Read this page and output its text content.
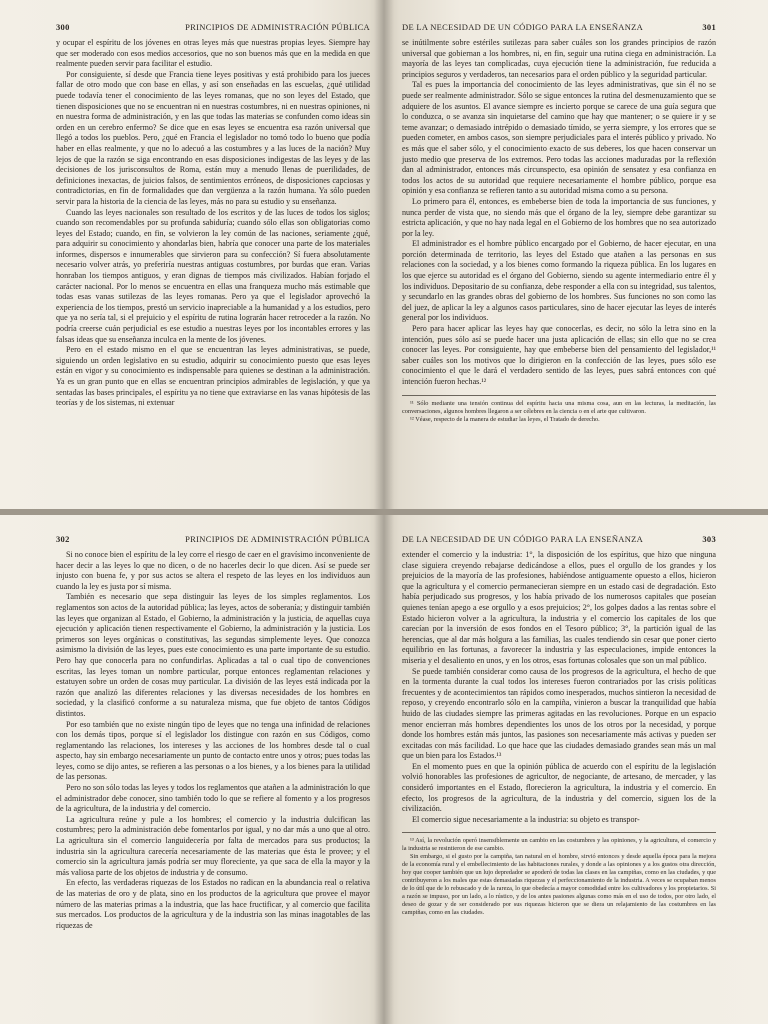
300	PRINCIPIOS DE ADMINISTRACIÓN PÚBLICA

y ocupar el espíritu de los jóvenes en otras leyes más que nuestras propias leyes. Siempre hay que ser moderado con esos medios accesorios, que no son buenos más que en la medida en que realmente pueden servir para facilitar el estudio.

Por consiguiente, sí desde que Francia tiene leyes positivas y está prohibido para los jueces fallar de otro modo que con base en ellas, y así son enseñadas en las escuelas, ¿qué utilidad puede todavía tener el conocimiento de las leyes romanas, que no son leyes del Estado, que tienen disposiciones que no se encuentran ni en nuestras costumbres, ni en nuestras opiniones, ni en nuestra forma de administración, y en las que todas las materias se confunden como ideas sin orden en un cerebro enfermo? Se dice que en esas leyes se encuentra esa razón universal que llegó a todos los pueblos. Pero, ¿qué en Francia el legislador no tomó todo lo bueno que podía haber en ellas realmente, y que no lo adecuó a las costumbres y a las luces de la nación? Muy lejos de que la razón se siga encontrando en esas disposiciones indigestas de las leyes y de las decisiones de los jurisconsultos de Roma, están muy a menudo llenas de puerilidades, de definiciones inexactas, de juicios falsos, de sentimientos erróneos, de disposiciones capciosas y contradictorias, en fin de formalidades que dan vergüenza a la razón humana. Ya sólo pueden servir para la historia de la ciencia de las leyes, más no para su estudio y su enseñanza.

Cuando las leyes nacionales son resultado de los escritos y de las luces de todos los siglos; cuando son recomendables por su profunda sabiduría; cuando sólo ellas son obligatorias como leyes del Estado; cuando, en fin, se volvieron la ley común de las naciones, seriamente ¿qué, para adquirir su conocimiento y ahondarlas bien, habría que conocer una parte de los materiales informes, dispersos e innumerables que sirvieron para su confección? Sí fuera absolutamente necesario volver atrás, yo preferiría nuestras antiguas costumbres, por burdas que eran. Varias honraban los tiempos antiguos, y eran dignas de tiempos más civilizados. Habían forjado el carácter nacional. Por lo menos se encuentra en ellas una franqueza mucho más estimable que todas esas vanas sutilezas de las leyes romanas. Pero ya que el legislador aprovechó la experiencia de los tiempos, prestó un servicio inapreciable a la humanidad y a los estudios, pero que ya no sería tal, si el prejuicio y el espíritu de rutina lograrán hacer retroceder a la razón. No podría creerse cuán perjudicial es ese estudio a nuestras leyes por los incontables errores y las falsas ideas que su enseñanza inculca en la mente de los jóvenes.

Pero en el estado mismo en el que se encuentran las leyes administrativas, se puede, siguiendo un orden legislativo en su estudio, adquirir su conocimiento puesto que esas leyes están en vigor y su conocimiento es indispensable para quienes se destinan a la administración. Ya es un gran punto que en ellas se encuentran principios admirables de legislación, y que ya sentadas las bases principales, el espíritu ya no tiene que extraviarse en las vanas hipótesis de las teorías y de los sistemas, ni extenuar

DE LA NECESIDAD DE UN CÓDIGO PARA LA ENSEÑANZA	301

se inútilmente sobre estériles sutilezas para saber cuáles son los grandes principios de razón universal que gobiernan a los hombres, ni, en fin, seguir una rutina ciega en administración. La mayoría de las leyes tan complicadas, cuya ejecución tiene la administración, fue reducida a principios seguros y verdaderos, tan necesarios para el orden público y la seguridad particular.

Tal es pues la importancia del conocimiento de las leyes administrativas, que sin él no se puede ser realmente administrador. Sólo se sigue entonces la rutina del desmenuzamiento que se adquiere de los asuntos. El avance siempre es incierto porque se carece de una guía segura que lo conduzca, o se avanza sin inquietarse del camino que hay que mantener; o se quiere ir y se teme avanzar; o demasiado intrépido o demasiado tímido, se yerra siempre, y los errores que se pueden cometer, en ambos casos, son siempre perjudiciales para el interés público y privado. No es más que el saber sólo, y el conocimiento exacto de sus deberes, los que hacen conservar un justo medio que preserva de los extremos. Pero todas las acciones maduradas por la reflexión dan al administrador, entonces más circunspecto, esa opinión de sensatez y esa confianza en todos los actos de su autoridad que requiere necesariamente el hombre público, porque esa opinión y esa confianza se refieren tanto a su autoridad misma como a su persona.

Lo primero para él, entonces, es embeberse bien de toda la importancia de sus funciones, y nunca perder de vista que, no siendo más que el órgano de la ley, siempre debe garantizar su estricta aplicación, y que no hay nada legal en el Gobierno de los hombres que no sea autorizado por la ley.

El administrador es el hombre público encargado por el Gobierno, de hacer ejecutar, en una porción determinada de territorio, las leyes del Estado que atañen a las personas en sus relaciones con la sociedad, y a los bienes como formando la riqueza pública. En los lugares en los que ejerce su autoridad es el órgano del Gobierno, siendo su agente intermediario entre él y los individuos. Depositario de su confianza, debe responder a ella con su integridad, sus talentos, y secundarlo en las grandes obras del gobierno de los hombres. Sus funciones no son como las del juez, de aplicar la ley a algunos casos particulares, sino de hacer ejecutar las leyes de interés general por los individuos.

Pero para hacer aplicar las leyes hay que conocerlas, es decir, no sólo la letra sino en la intención, pues sólo así se puede hacer una justa aplicación de ellas; sin ello que no se crea conocer las leyes. Por consiguiente, hay que embeberse bien del pensamiento del legislador,¹¹ saber cuáles son los motivos que lo dirigieron en la confección de las leyes, pues sólo ese conocimiento el que le dará el verdadero sentido de las leyes, pues sabrá entonces con qué intención fueron hechas.¹²

¹¹ Sólo mediante una tensión continua del espíritu hacia una misma cosa, aun en las lecturas, la meditación, las conversaciones, algunos hombres llegaron a ser célebres en la ciencia o en el arte que cultivaron.

¹² Véase, respecto de la manera de estudiar las leyes, el Tratado de derecho.

302	PRINCIPIOS DE ADMINISTRACIÓN PÚBLICA

Si no conoce bien el espíritu de la ley corre el riesgo de caer en el gravísimo inconveniente de hacer decir a las leyes lo que no dicen, o de no hacerles decir lo que dicen. Así se puede ser injusto con buena fe, y por sus actos se altera el respeto de las leyes en los individuos aun cuando la ley es justa por sí misma.

También es necesario que sepa distinguir las leyes de los simples reglamentos. Los reglamentos son actos de la autoridad pública; las leyes, actos de soberanía; y distinguir también las leyes que organizan al Estado, el Gobierno, la administración y la justicia, de aquellas cuya ejecución y aplicación tienen respectivamente el Gobierno, la administración y la justicia. Los primeros son leyes orgánicas o constitutivas, las segundas simplemente leyes. Que conozca asimismo la división de las leyes, pues este conocimiento es una parte importante de su estudio. Pero hay que conocerla para no confundirlas. Aplicadas a tal o cual tipo de convenciones escritas, las leyes toman un nombre particular, porque entonces reglamentan relaciones y estatuyen sobre un orden de cosas muy particular. La división de las leyes está indicada por la razón que analizó las diferentes relaciones y las diversas necesidades de los hombres en sociedad, y la clasificó conforme a su naturaleza misma, que fue objeto de tantos Códigos distintos.

Por eso también que no existe ningún tipo de leyes que no tenga una infinidad de relaciones con los demás tipos, porque sí el legislador los distingue con razón en sus Códigos, como reglamentando las relaciones, los intereses y las acciones de los hombres desde tal o cual aspecto, hay sin embargo necesariamente un punto de contacto entre unos y otros; pues todas las leyes, como se dijo antes, se refieren a las personas o a los bienes, y a los bienes para la utilidad de las personas.

Pero no son sólo todas las leyes y todos los reglamentos que atañen a la administración lo que el administrador debe conocer, sino también todo lo que se refiere al fomento y a los progresos de la agricultura, de la industria y del comercio.

La agricultura reúne y pule a los hombres; el comercio y la industria dulcifican las costumbres; pero la administración debe fomentarlos por igual, y no dar más a uno que al otro. La agricultura sin el comercio languidecería por falta de mercados para sus productos; la industria sin la agricultura carecería necesariamente de las materias que ésta le provee; y el comercio sin la agricultura jamás podría ser muy floreciente, ya que saca de ella la mayor y la más valiosa parte de los objetos de industria y de consumo.

En efecto, las verdaderas riquezas de los Estados no radican en la abundancia real o relativa de las materias de oro y de plata, sino en los productos de la agricultura que provee el mayor número de las materias primas a la industria, que las hace fructificar, y al comercio que facilita sus mercados. Los productos de la agricultura y de la industria son las minas inagotables de las riquezas de

DE LA NECESIDAD DE UN CÓDIGO PARA LA ENSEÑANZA	303

extender el comercio y la industria: 1°, la disposición de los espíritus, que hizo que ninguna clase siguiera creyendo rebajarse dedicándose a ellos, pues el orgullo de los grandes y los prejuicios de la mayoría de las profesiones, habiéndose antiguamente opuesto a ellos, hicieron que la agricultura y el comercio permanecieran siempre en un estado casi de degradación. Esto había perjudicado sus progresos, y los había privado de los numerosos capitales que poseían quienes tenían apego a ese orgullo y a esos prejuicios; 2°, los golpes dados a las rentas sobre el Estado hicieron volver a la agricultura, la industria y el comercio los capitales de los que carecían por la inversión de esos fondos en el Tesoro público; 3°, la partición igual de las herencias, que al dar más holgura a las familias, las cuales tendiendo sin cesar que poner cierto equilibrio en las fortunas, a favorecer la industria y las especulaciones, impide entonces la miseria y el desaliento en unos, y en los otros, esas fortunas colosales que son un mal público.

Se puede también considerar como causa de los progresos de la agricultura, el hecho de que en la tormenta durante la cual todos los intereses fueron contrariados por las crisis políticas frecuentes y de acontecimientos tan rápidos como inesperados, muchos sintieron la necesidad de reposo, y creyendo encontrarlo sólo en la campiña, vinieron a buscar la tranquilidad que había huido de las ciudades siempre las primeras agitadas en las revoluciones. Porque en un espacio menor encierran más hombres dependientes los unos de los otros por la necesidad, y porque donde los hombres están más juntos, las pasiones son necesariamente más activas y pueden ser excitadas con más facilidad. Lo que hace que las ciudades demasiado grandes sean más un mal que un bien para los Estados.¹³

En el momento pues en que la opinión pública de acuerdo con el espíritu de la legislación volvió honorables las profesiones de agricultor, de negociante, de artesano, de mercader, y las consideró importantes en el Estado, florecieron la agricultura, la industria y el comercio. En efecto, los progresos de la agricultura, de la industria y del comercio, siguen los de la civilización.

El comercio sigue necesariamente a la industria: su objeto es transpor-

¹³ Así, la revolución operó insensiblemente un cambio en las costumbres y las opiniones, y la agricultura, el comercio y la industria se resintieron de ese cambio.

Sin embargo, si el gusto por la campiña, tan natural en el hombre, sirvió entonces y desde aquella época para la mejora de la economía rural y el embellecimiento de las habitaciones rurales, y donde a las opiniones y a los gustos otra dirección, hoy que cooper también que un lujo depredador se apoderó de todas las clases en las campiñas, como en las ciudades, y que contribuyeron a los males que estas demasiadas riquezas y el perfeccionamiento de la industria. A veces se ocupaban menos de lo útil que de lo rebuscado y de la rareza, lo que obedecía a mayor comodidad entre los cultivadores y los propietarios. Si a razón se impuso, por un lado, a lo rústico, y de los antes pasiones algunas como más en el uso de todos, por otro lado, el deseo de gozar y de ser considerado por sus riquezas hicieron que se diera un relajamiento de las costumbres en las campiñas, como en las ciudades.
